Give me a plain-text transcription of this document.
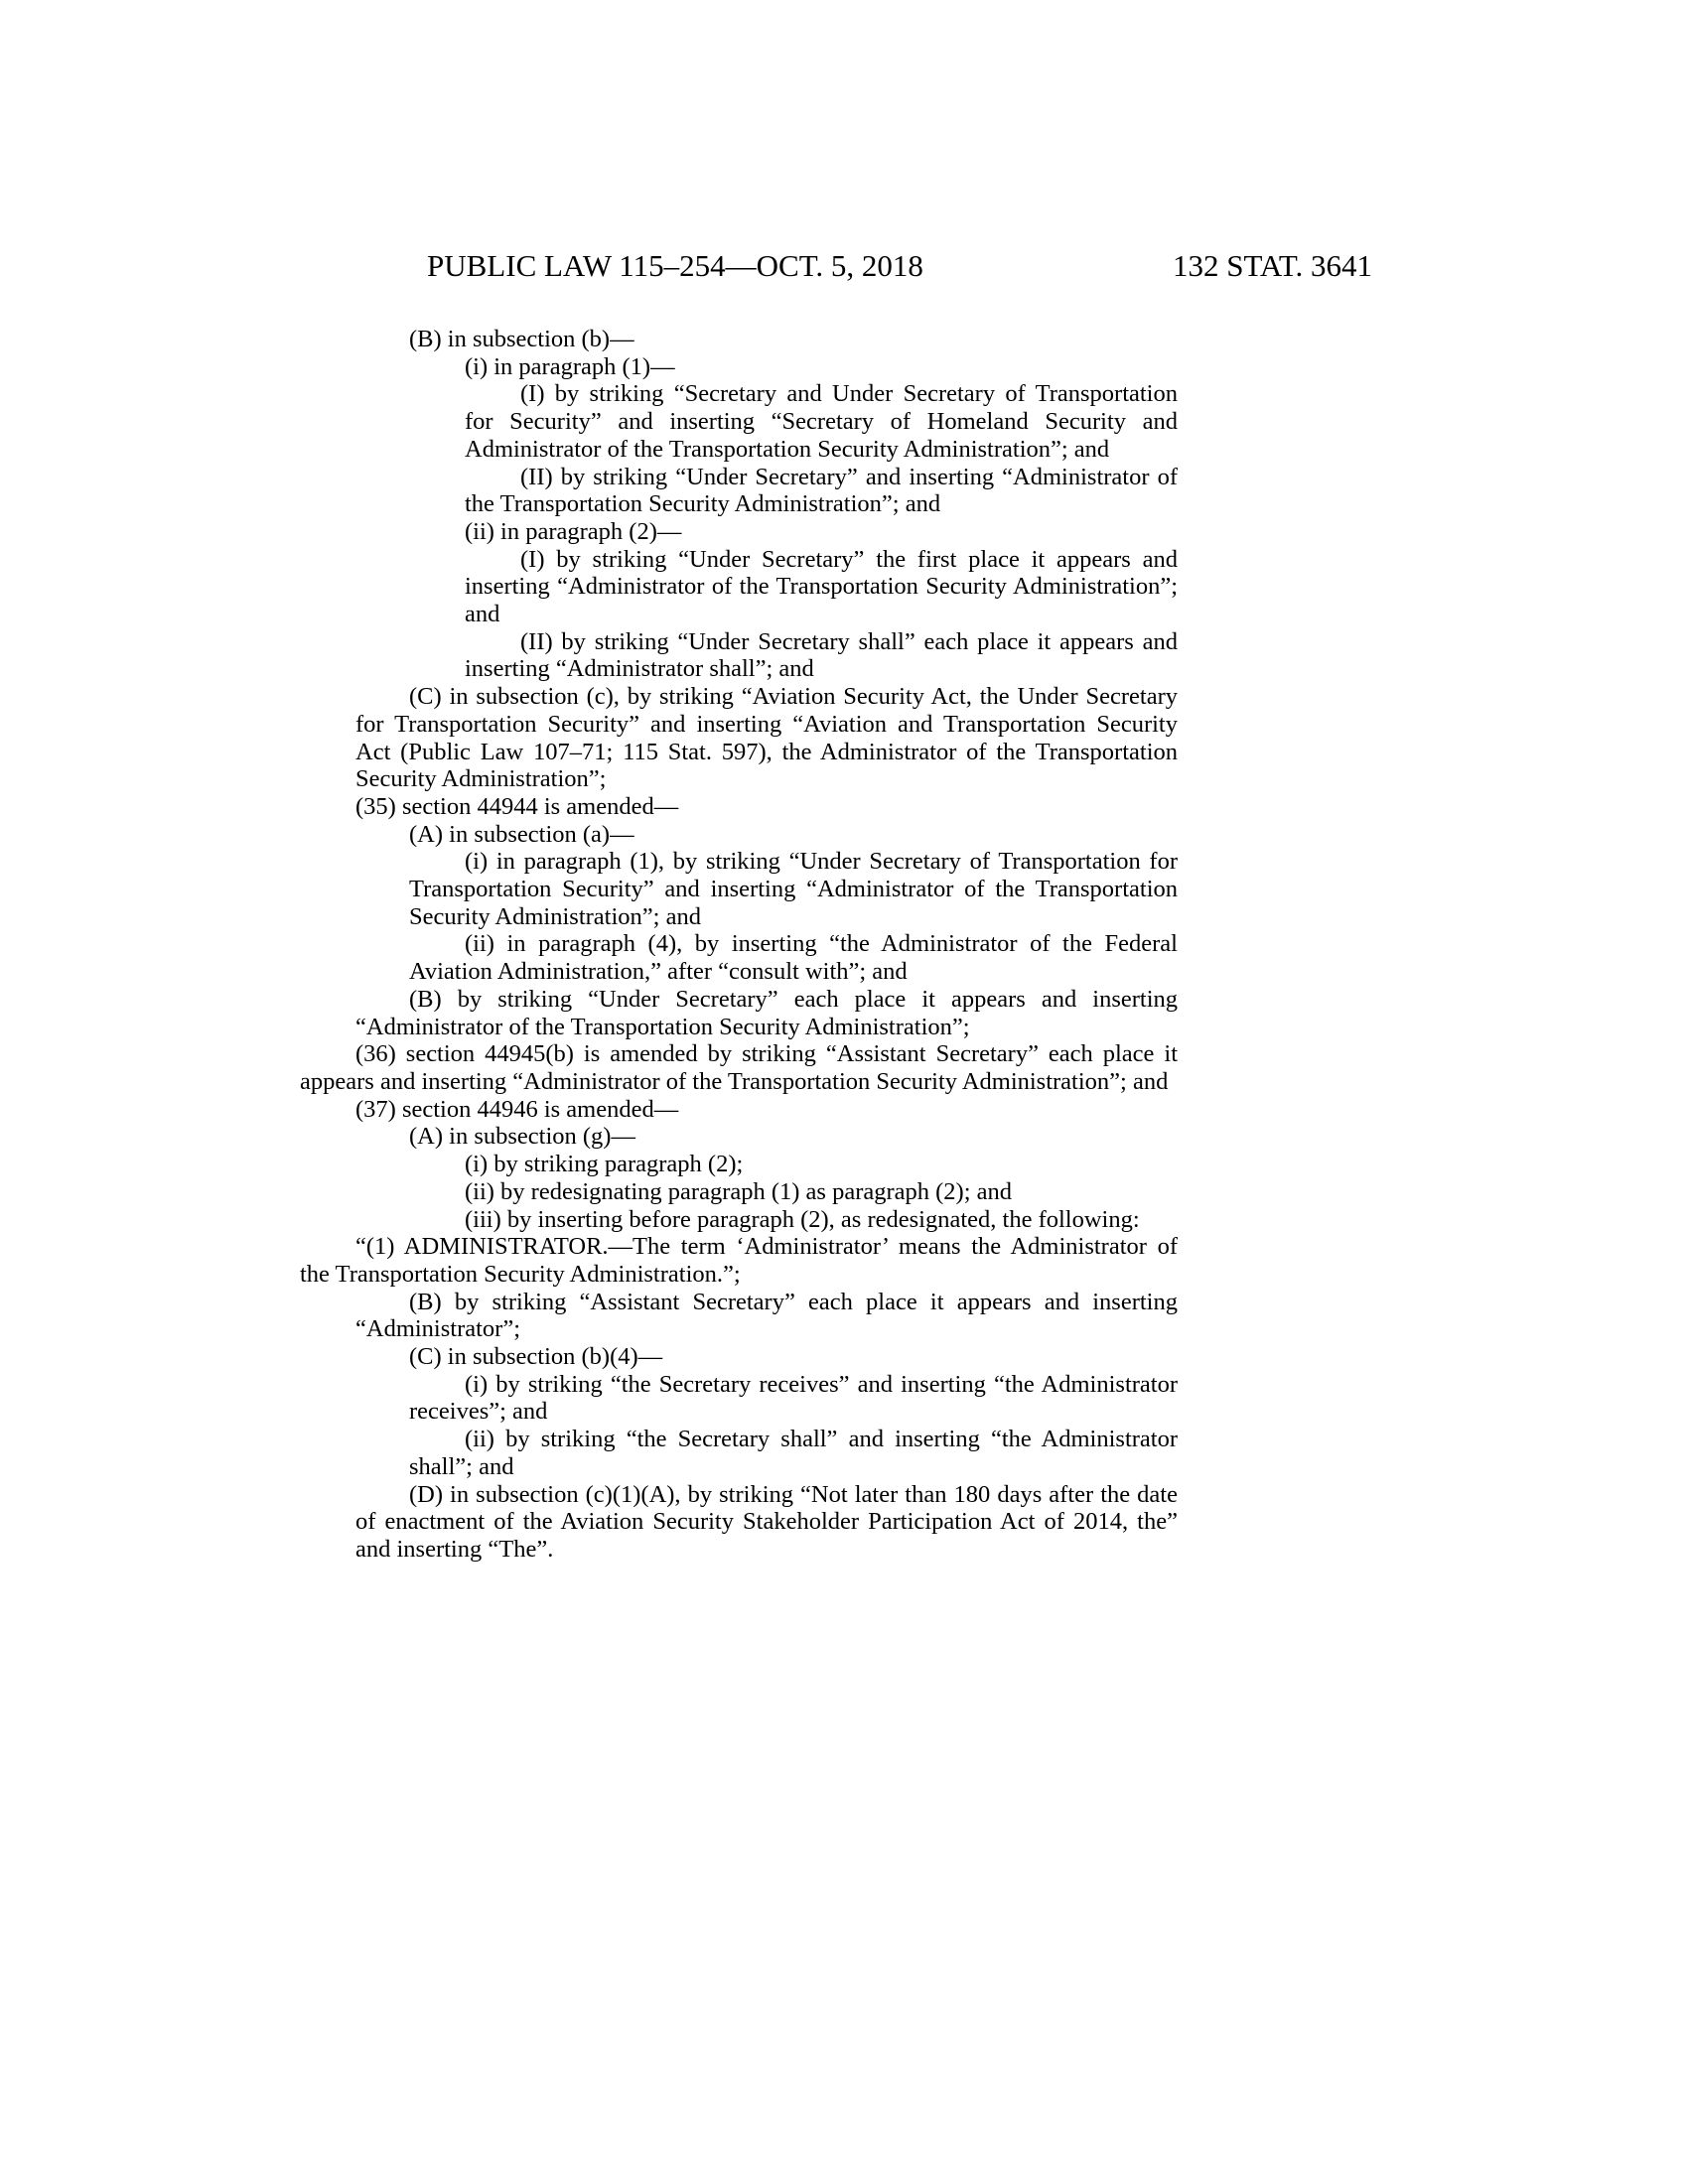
PUBLIC LAW 115–254—OCT. 5, 2018	132 STAT. 3641

(B) in subsection (b)—

(i) in paragraph (1)—

(I) by striking “Secretary and Under Secretary of Transportation for Security” and inserting “Secretary of Homeland Security and Administrator of the Transportation Security Administration”; and

(II) by striking “Under Secretary” and inserting “Administrator of the Transportation Security Administration”; and

(ii) in paragraph (2)—

(I) by striking “Under Secretary” the first place it appears and inserting “Administrator of the Transportation Security Administration”; and

(II) by striking “Under Secretary shall” each place it appears and inserting “Administrator shall”; and

(C) in subsection (c), by striking “Aviation Security Act, the Under Secretary for Transportation Security” and inserting “Aviation and Transportation Security Act (Public Law 107–71; 115 Stat. 597), the Administrator of the Transportation Security Administration”;

(35) section 44944 is amended—

(A) in subsection (a)—

(i) in paragraph (1), by striking “Under Secretary of Transportation for Transportation Security” and inserting “Administrator of the Transportation Security Administration”; and

(ii) in paragraph (4), by inserting “the Administrator of the Federal Aviation Administration,” after “consult with”; and

(B) by striking “Under Secretary” each place it appears and inserting “Administrator of the Transportation Security Administration”;

(36) section 44945(b) is amended by striking “Assistant Secretary” each place it appears and inserting “Administrator of the Transportation Security Administration”; and

(37) section 44946 is amended—

(A) in subsection (g)—

(i) by striking paragraph (2);

(ii) by redesignating paragraph (1) as paragraph (2); and

(iii) by inserting before paragraph (2), as redesignated, the following:

“(1) ADMINISTRATOR.—The term ‘Administrator’ means the Administrator of the Transportation Security Administration.”;

(B) by striking “Assistant Secretary” each place it appears and inserting “Administrator”;

(C) in subsection (b)(4)—

(i) by striking “the Secretary receives” and inserting “the Administrator receives”; and

(ii) by striking “the Secretary shall” and inserting “the Administrator shall”; and

(D) in subsection (c)(1)(A), by striking “Not later than 180 days after the date of enactment of the Aviation Security Stakeholder Participation Act of 2014, the” and inserting “The”.
